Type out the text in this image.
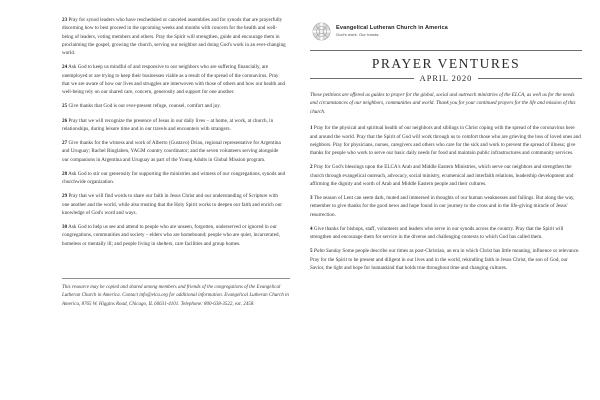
23 Pray for synod leaders who have rescheduled or canceled assemblies and for synods that are prayerfully discerning how to best proceed in the upcoming weeks and months with concern for the health and well-being of leaders, voting members and others. Pray the Spirit will strengthen, guide and encourage them in proclaiming the gospel, growing the church, serving our neighbor and doing God's work in an ever-changing world.

24 Ask God to keep us mindful of and responsive to our neighbors who are suffering financially, are unemployed or are trying to keep their businesses viable as a result of the spread of the coronavirus. Pray that we are aware of how our lives and struggles are interwoven with those of others and how our health and well-being rely on our shared care, concern, generosity and support for one another.

25 Give thanks that God is our ever-present refuge, counsel, comfort and joy.

26 Pray that we will recognize the presence of Jesus in our daily lives – at home, at work, at church, in relationships, during leisure time and in our travels and encounters with strangers.

27 Give thanks for the witness and work of Alberto (Gustavo) Driau, regional representative for Argentina and Uruguay; Rachel Ringlaben, YAGM country coordinator; and the seven volunteers serving alongside our companions in Argentina and Uruguay as part of the Young Adults in Global Mission program.

28 Ask God to stir our generosity for supporting the ministries and witness of our congregations, synods and churchwide organization.

29 Pray that we will find words to share our faith in Jesus Christ and our understanding of Scripture with one another and the world, while also trusting that the Holy Spirit works to deepen our faith and enrich our knowledge of God's word and ways.

30 Ask God to help us see and attend to people who are unseen, forgotten, underserved or ignored in our congregations, communities and society – elders who are homebound; people who are quiet, incarcerated, homeless or mentally ill; and people living in shelters, care facilities and group homes.

This resource may be copied and shared among members and friends of the congregations of the Evangelical Lutheran Church in America. Contact info@elca.org for additional information. Evangelical Lutheran Church in America, 8765 W. Higgins Road, Chicago, IL 60631-4101. Telephone: 800-638-3522, ext. 2458.

Evangelical Lutheran Church in America
God's work. Our hands.
PRAYER VENTURES
APRIL 2020

These petitions are offered as guides to prayer for the global, social and outreach ministries of the ELCA, as well as for the needs and circumstances of our neighbors, communities and world. Thank you for your continued prayers for the life and mission of this church.

1 Pray for the physical and spiritual health of our neighbors and siblings in Christ coping with the spread of the coronavirus here and around the world. Pray that the Spirit of God will work through us to comfort those who are grieving the loss of loved ones and neighbors. Pray for physicians, nurses, caregivers and others who care for the sick and work to prevent the spread of illness; give thanks for people who work to serve our basic daily needs for food and maintain public infrastructures and community services.

2 Pray for God's blessings upon the ELCA's Arab and Middle Eastern Ministries, which serve our neighbors and strengthen the church through evangelical outreach, advocacy, social ministry, ecumenical and interfaith relations, leadership development and affirming the dignity and worth of Arab and Middle Eastern people and their cultures.

3 The season of Lent can seem dark, muted and immersed in thoughts of our human weaknesses and failings. But along the way, remember to give thanks for the good news and hope found in our journey to the cross and in the life-giving miracle of Jesus' resurrection.

4 Give thanks for bishops, staff, volunteers and leaders who serve in our synods across the country. Pray that the Spirit will strengthen and encourage them for service in the diverse and challenging contexts to which God has called them.

5 Palm Sunday Some people describe our times as post-Christian, an era in which Christ has little meaning, influence or relevance. Pray for the Spirit to be present and diligent in our lives and in the world, rekindling faith in Jesus Christ, the son of God, our Savior, the light and hope for humankind that holds true throughout time and changing cultures.
